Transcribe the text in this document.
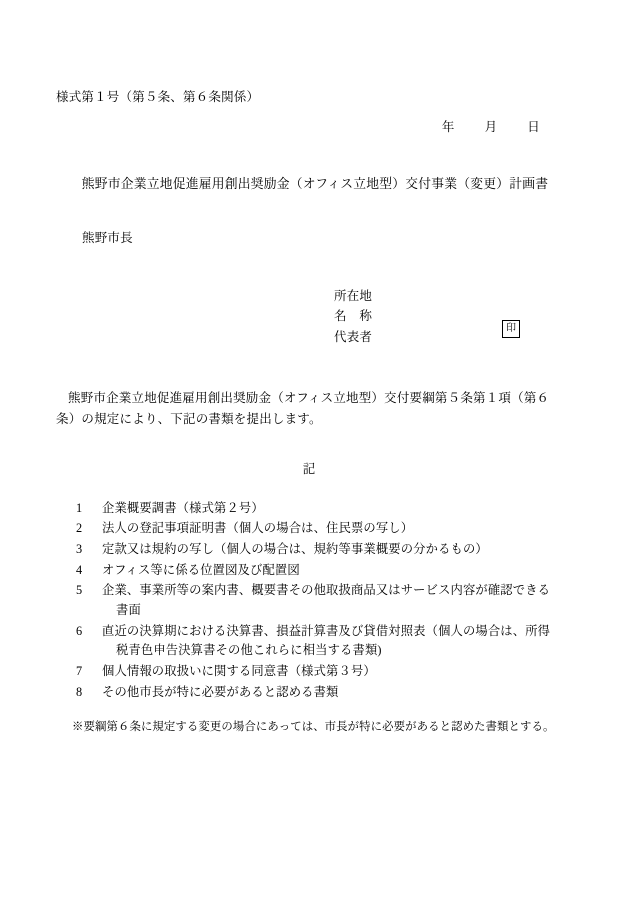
様式第１号（第５条、第６条関係）
年 月 日
熊野市企業立地促進雇用創出奨励金（オフィス立地型）交付事業（変更）計画書
熊野市長
所在地
名　称
代表者
印
熊野市企業立地促進雇用創出奨励金（オフィス立地型）交付要綱第５条第１項（第６条）の規定により、下記の書類を提出します。
記
1	企業概要調書（様式第２号）
2	法人の登記事項証明書（個人の場合は、住民票の写し）
3	定款又は規約の写し（個人の場合は、規約等事業概要の分かるもの）
4	オフィス等に係る位置図及び配置図
5	企業、事業所等の案内書、概要書その他取扱商品又はサービス内容が確認できる
書面
6	直近の決算期における決算書、損益計算書及び貸借対照表（個人の場合は、所得
税青色申告決算書その他これらに相当する書類)
7	個人情報の取扱いに関する同意書（様式第３号）
8	その他市長が特に必要があると認める書類
※要綱第６条に規定する変更の場合にあっては、市長が特に必要があると認めた書類とする。
